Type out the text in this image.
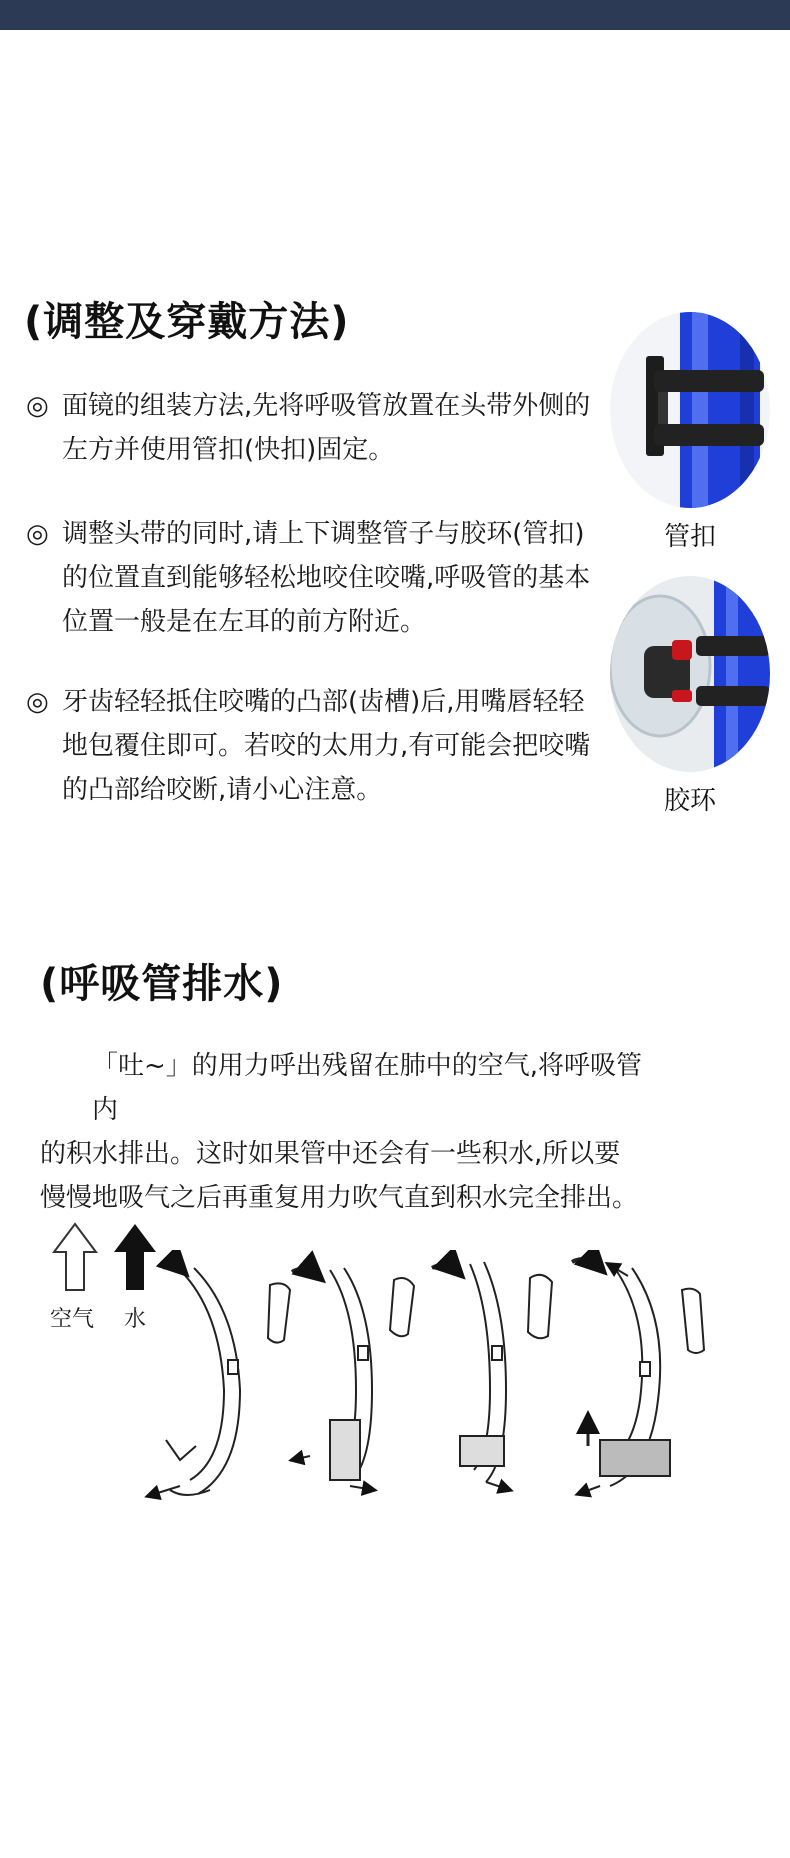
(调整及穿戴方法)
◎ 面镜的组装方法,先将呼吸管放置在头带外侧的
左方并使用管扣(快扣)固定。
◎ 调整头带的同时,请上下调整管子与胶环(管扣)
的位置直到能够轻松地咬住咬嘴,呼吸管的基本
位置一般是在左耳的前方附近。
◎ 牙齿轻轻抵住咬嘴的凸部(齿槽)后,用嘴唇轻轻
地包覆住即可。若咬的太用力,有可能会把咬嘴
的凸部给咬断,请小心注意。
管扣
胶环
(呼吸管排水)
「吐~」的用力呼出残留在肺中的空气,将呼吸管内
的积水排出。这时如果管中还会有一些积水,所以要
慢慢地吸气之后再重复用力吹气直到积水完全排出。
空气 水
